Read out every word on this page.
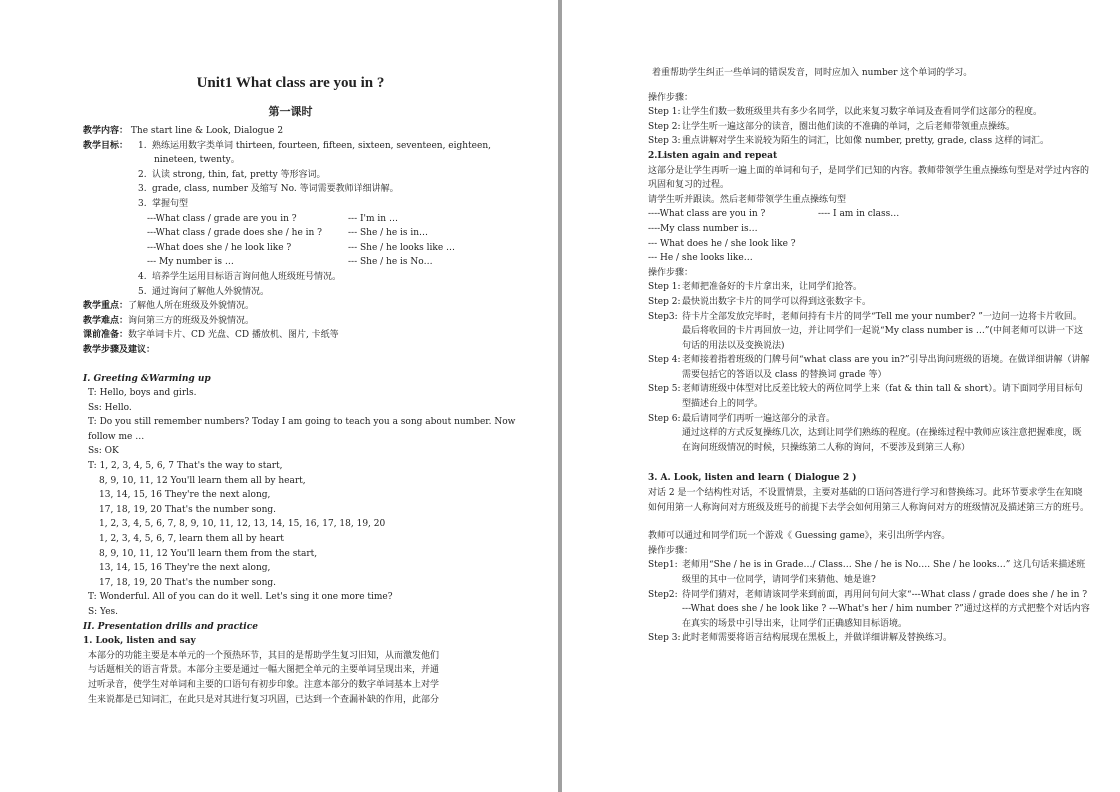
Unit1 What class are you in ?
第一课时
教学内容： The start line & Look, Dialogue 2
教学目标：	1. 熟练运用数字类单词 thirteen, fourteen, fifteen, sixteen, seventeen, eighteen,
nineteen, twenty。
2. 认读 strong, thin, fat, pretty 等形容词。
3. grade, class, number 及缩写 No. 等词需要教师详细讲解。
3. 掌握句型
---What class / grade are you in ?	--- I'm in …
---What class / grade does she / he in ?	--- She / he is in…
---What does she / he look like ?	--- She / he looks like …
--- My number is …	--- She / he is No…
4. 培养学生运用目标语言询问他人班级班号情况。
5. 通过询问了解他人外貌情况。
教学重点：了解他人所在班级及外貌情况。
教学难点：询问第三方的班级及外貌情况。
课前准备：数字单词卡片、CD 光盘、CD 播放机、图片, 卡纸等
教学步骤及建议：
I. Greeting &Warming up
T: Hello, boys and girls.
Ss: Hello.
T: Do you still remember numbers? Today I am going to teach you a song about number. Now
follow me …
Ss: OK
T: 1, 2, 3, 4, 5, 6, 7 That's the way to start,
8, 9, 10, 11, 12 You'll learn them all by heart,
13, 14, 15, 16 They're the next along,
17, 18, 19, 20 That's the number song.
1, 2, 3, 4, 5, 6, 7, 8, 9, 10, 11, 12, 13, 14, 15, 16, 17, 18, 19, 20
1, 2, 3, 4, 5, 6, 7, learn them all by heart
8, 9, 10, 11, 12 You'll learn them from the start,
13, 14, 15, 16 They're the next along,
17, 18, 19, 20 That's the number song.
T: Wonderful. All of you can do it well. Let's sing it one more time?
S: Yes.
II. Presentation drills and practice
1. Look, listen and say
本部分的功能主要是本单元的一个预热环节，其目的是帮助学生复习旧知，从而激发他们
与话题相关的语言背景。本部分主要是通过一幅大图把全单元的主要单词呈现出来，并通
过听录音，使学生对单词和主要的口语句有初步印象。注意本部分的数字单词基本上对学
生来说都是已知词汇，在此只是对其进行复习巩固，已达到一个查漏补缺的作用，此部分
着重帮助学生纠正一些单词的错误发音，同时应加入 number 这个单词的学习。
操作步骤：
Step 1: 让学生们数一数班级里共有多少名同学，以此来复习数字单词及查看同学们这部分的程度。
Step 2: 让学生听一遍这部分的读音，圈出他们读的不准确的单词，之后老师带领重点操练。
Step 3: 重点讲解对学生来说较为陌生的词汇，比如像 number, pretty, grade, class 这样的词汇。
2.Listen again and repeat
这部分是让学生再听一遍上面的单词和句子，是同学们已知的内容。教师带领学生重点操练句型是对学过内容的巩固和复习的过程。
请学生听并跟读。然后老师带领学生重点操练句型
----What class are you in ?	---- I am in class…
----My class number is…
--- What does he / she look like ?
--- He / she looks like…
操作步骤：
Step 1: 老师把准备好的卡片拿出来，让同学们抢答。
Step 2: 最快说出数字卡片的同学可以得到这张数字卡。
Step3: 待卡片全部发放完毕时，老师问持有卡片的同学“Tell me your number? ”一边问一边将卡片收回。最后将收回的卡片再回放一边，并让同学们一起说“My class number is …”(中间老师可以讲一下这句话的用法以及变换说法)
Step 4: 老师接着指着班级的门牌号问“what class are you in?”引导出询问班级的语境。在做详细讲解（讲解需要包括它的答语以及 class 的替换词 grade 等）
Step 5: 老师请班级中体型对比反差比较大的两位同学上来（fat & thin tall & short）。请下面同学用目标句型描述台上的同学。
Step 6: 最后请同学们再听一遍这部分的录音。
通过这样的方式反复操练几次，达到让同学们熟练的程度。(在操练过程中教师应该注意把握难度，既在询问班级情况的时候，只操练第二人称的询问，不要涉及到第三人称）
3. A. Look, listen and learn ( Dialogue 2 )
对话 2 是一个结构性对话，不设置情景，主要对基础的口语问答进行学习和替换练习。此环节要求学生在知晓如何用第一人称询问对方班级及班号的前提下去学会如何用第三人称询问对方的班级情况及描述第三方的班号。
教师可以通过和同学们玩一个游戏《 Guessing game》，来引出所学内容。
操作步骤：
Step1: 老师用“She / he is in Grade…/ Class… She / he is No…. She / he looks…” 这几句话来描述班级里的其中一位同学，请同学们来猜他、她是谁?
Step2: 待同学们猜对，老师请该同学来到前面，再用问句问大家“---What class / grade does she / he in ? ---What does she / he look like ? ---What's her / him number ?”通过这样的方式把整个对话内容在真实的场景中引导出来，让同学们正确感知目标语境。
Step 3: 此时老师需要将语言结构展现在黑板上，并做详细讲解及替换练习。
